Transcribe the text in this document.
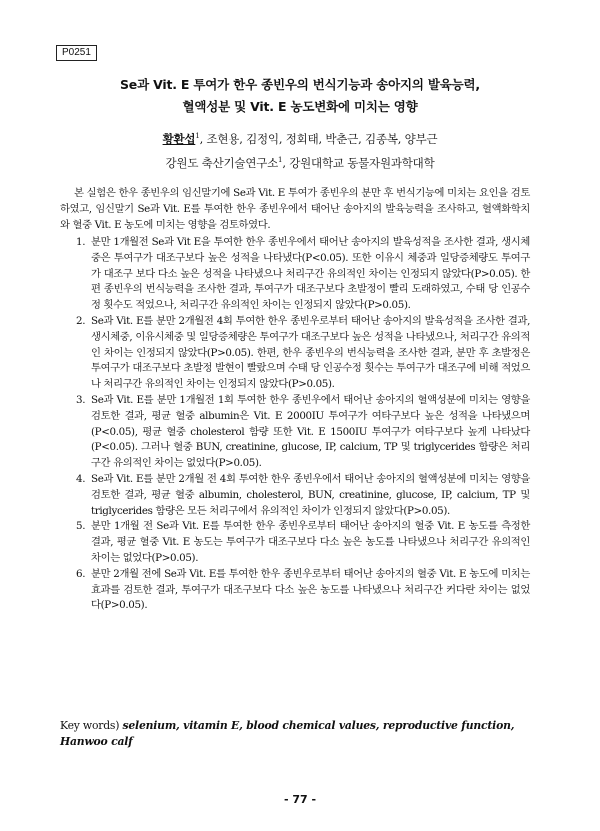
P0251
Se과 Vit. E 투여가 한우 종빈우의 번식기능과 송아지의 발육능력,
혈액성분 및 Vit. E 농도변화에 미치는 영향
황환섭$^1$, 조현용, 김정익, 정회태, 박춘근, 김종복, 양부근
강원도 축산기술연구소$^1$, 강원대학교 동물자원과학대학

본 실험은 한우 종빈우의 임신말기에 Se과 Vit. E 투여가 종빈우의 분만 후 번식기능에 미치는 요인을 검토하였고, 임신말기 Se과 Vit. E를 투여한 한우 종빈우에서 태어난 송아지의 발육능력을 조사하고, 혈액화학치와 혈중 Vit. E 농도에 미치는 영향을 검토하였다.

1. 분만 1개월전 Se과 Vit E을 투여한 한우 종빈우에서 태어난 송아지의 발육성적을 조사한 결과, 생시체중은 투여구가 대조구보다 높은 성적을 나타냈다(P<0.05). 또한 이유시 체중과 일당증체량도 투여구가 대조구 보다 다소 높은 성적을 나타냈으나 처리구간 유의적인 차이는 인정되지 않았다(P>0.05). 한편 종빈우의 번식능력을 조사한 결과, 투여구가 대조구보다 초발정이 빨리 도래하였고, 수태 당 인공수정 횟수도 적었으나, 처리구간 유의적인 차이는 인정되지 않았다(P>0.05).
2. Se과 Vit. E를 분만 2개월전 4회 투여한 한우 종빈우로부터 태어난 송아지의 발육성적을 조사한 결과, 생시체중, 이유시체중 및 일당증체량은 투여구가 대조구보다 높은 성적을 나타냈으나, 처리구간 유의적인 차이는 인정되지 않았다(P>0.05). 한편, 한우 종빈우의 번식능력을 조사한 결과, 분만 후 초발정은 투여구가 대조구보다 초발정 발현이 빨랐으며 수태 당 인공수정 횟수는 투여구가 대조구에 비해 적었으나 처리구간 유의적인 차이는 인정되지 않았다(P>0.05).
3. Se과 Vit. E를 분만 1개월전 1회 투여한 한우 종빈우에서 태어난 송아지의 혈액성분에 미치는 영향을 검토한 결과, 평균 혈중 albumin은 Vit. E 2000IU 투여구가 여타구보다 높은 성적을 나타냈으며(P<0.05), 평균 혈중 cholesterol 함량 또한 Vit. E 1500IU 투여구가 여타구보다 높게 나타났다(P<0.05). 그러나 혈중 BUN, creatinine, glucose, IP, calcium, TP 및 triglycerides 함량은 처리구간 유의적인 차이는 없었다(P>0.05).
4. Se과 Vit. E를 분만 2개월 전 4회 투여한 한우 종빈우에서 태어난 송아지의 혈액성분에 미치는 영향을 검토한 결과, 평균 혈중 albumin, cholesterol, BUN, creatinine, glucose, IP, calcium, TP 및 triglycerides 함량은 모든 처리구에서 유의적인 차이가 인정되지 않았다(P>0.05).
5. 분만 1개월 전 Se과 Vit. E를 투여한 한우 종빈우로부터 태어난 송아지의 혈중 Vit. E 농도를 측정한 결과, 평균 혈중 Vit. E 농도는 투여구가 대조구보다 다소 높은 농도를 나타냈으나 처리구간 유의적인 차이는 없었다(P>0.05).
6. 분만 2개월 전에 Se과 Vit. E를 투여한 한우 종빈우로부터 태어난 송아지의 혈중 Vit. E 농도에 미치는 효과를 검토한 결과, 투여구가 대조구보다 다소 높은 농도를 나타냈으나 처리구간 커다란 차이는 없었다(P>0.05).
Key words) selenium, vitamin E, blood chemical values, reproductive function, Hanwoo calf
- 77 -
